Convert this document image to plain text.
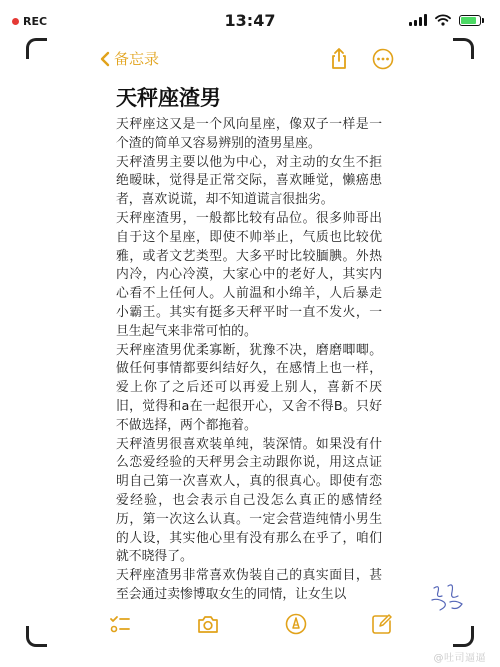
REC	13:47
备忘录
天秤座渣男

天秤座这又是一个风向星座，像双子一样是一个渣的简单又容易辨别的渣男星座。

天秤渣男主要以他为中心，对主动的女生不拒绝暧昧，觉得是正常交际，喜欢睡觉，懒癌患者，喜欢说谎，却不知道谎言很拙劣。

天秤座渣男，一般都比较有品位。很多帅哥出自于这个星座，即使不帅举止，气质也比较优雅，或者文艺类型。大多平时比较腼腆。外热内冷，内心冷漠，大家心中的老好人，其实内心看不上任何人。人前温和小绵羊，人后暴走小霸王。其实有挺多天秤平时一直不发火，一旦生起气来非常可怕的。

天秤座渣男优柔寡断，犹豫不决，磨磨唧唧。做任何事情都要纠结好久，在感情上也一样，爱上你了之后还可以再爱上别人，喜新不厌旧，觉得和a在一起很开心，又舍不得B。只好不做选择，两个都拖着。

天秤渣男很喜欢装单纯，装深情。如果没有什么恋爱经验的天秤男会主动跟你说，用这点证明自己第一次喜欢人，真的很真心。即使有恋爱经验，也会表示自己没怎么真正的感情经历，第一次这么认真。一定会营造纯情小男生的人设，其实他心里有没有那么在乎了，咱们就不晓得了。

天秤座渣男非常喜欢伪装自己的真实面目，甚至会通过卖惨博取女生的同情，让女生以

@吐司逼逼
